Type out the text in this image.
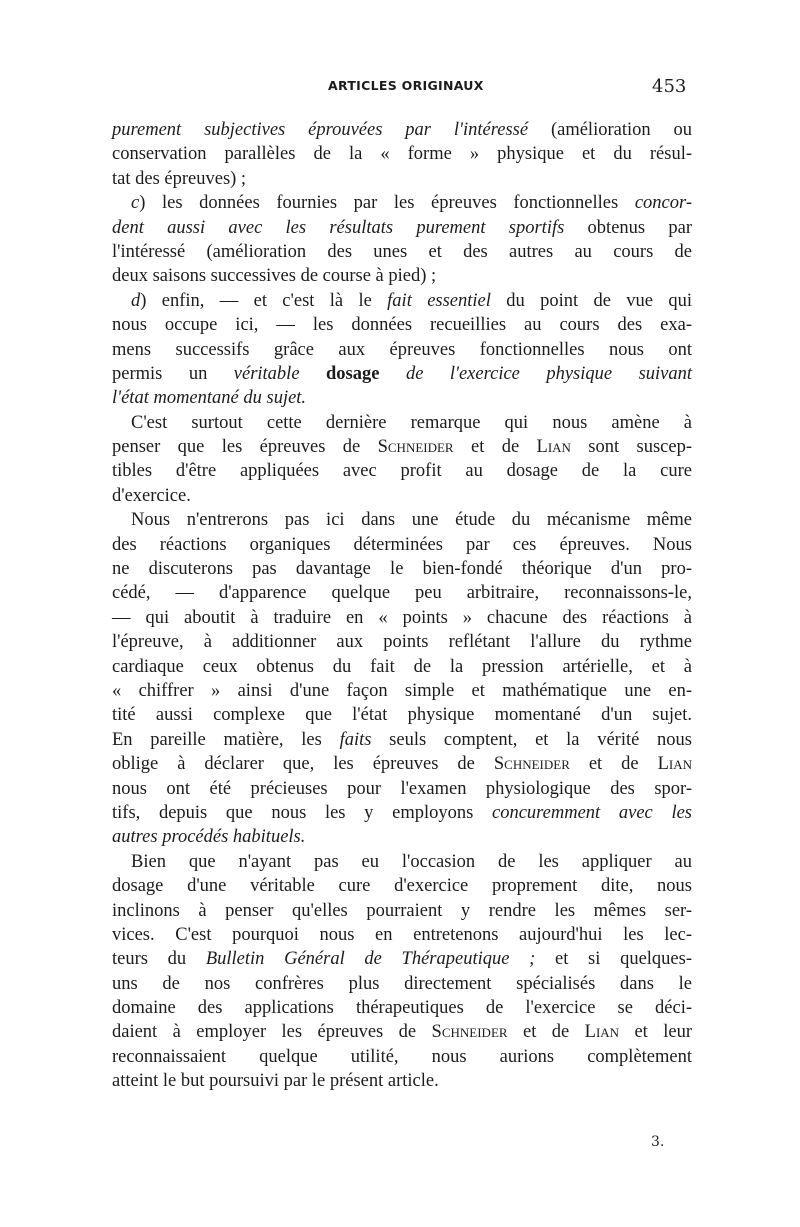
ARTICLES ORIGINAUX	453
purement subjectives éprouvées par l'intéressé (amélioration ou
conservation parallèles de la « forme » physique et du résul-
tat des épreuves) ;
c) les données fournies par les épreuves fonctionnelles concor-
dent aussi avec les résultats purement sportifs obtenus par
l'intéressé (amélioration des unes et des autres au cours de
deux saisons successives de course à pied) ;
d) enfin, — et c'est là le fait essentiel du point de vue qui
nous occupe ici, — les données recueillies au cours des exa-
mens successifs grâce aux épreuves fonctionnelles nous ont
permis un véritable dosage de l'exercice physique suivant
l'état momentané du sujet.
C'est surtout cette dernière remarque qui nous amène à
penser que les épreuves de Schneider et de Lian sont suscep-
tibles d'être appliquées avec profit au dosage de la cure
d'exercice.
Nous n'entrerons pas ici dans une étude du mécanisme même
des réactions organiques déterminées par ces épreuves. Nous
ne discuterons pas davantage le bien-fondé théorique d'un pro-
cédé, — d'apparence quelque peu arbitraire, reconnaissons-le,
— qui aboutit à traduire en « points » chacune des réactions à
l'épreuve, à additionner aux points reflétant l'allure du rythme
cardiaque ceux obtenus du fait de la pression artérielle, et à
« chiffrer » ainsi d'une façon simple et mathématique une en-
tité aussi complexe que l'état physique momentané d'un sujet.
En pareille matière, les faits seuls comptent, et la vérité nous
oblige à déclarer que, les épreuves de Schneider et de Lian
nous ont été précieuses pour l'examen physiologique des spor-
tifs, depuis que nous les y employons concuremment avec les
autres procédés habituels.
Bien que n'ayant pas eu l'occasion de les appliquer au
dosage d'une véritable cure d'exercice proprement dite, nous
inclinons à penser qu'elles pourraient y rendre les mêmes ser-
vices. C'est pourquoi nous en entretenons aujourd'hui les lec-
teurs du Bulletin Général de Thérapeutique ; et si quelques-
uns de nos confrères plus directement spécialisés dans le
domaine des applications thérapeutiques de l'exercice se déci-
daient à employer les épreuves de Schneider et de Lian et leur
reconnaissaient quelque utilité, nous aurions complètement
atteint le but poursuivi par le présent article.
3.
